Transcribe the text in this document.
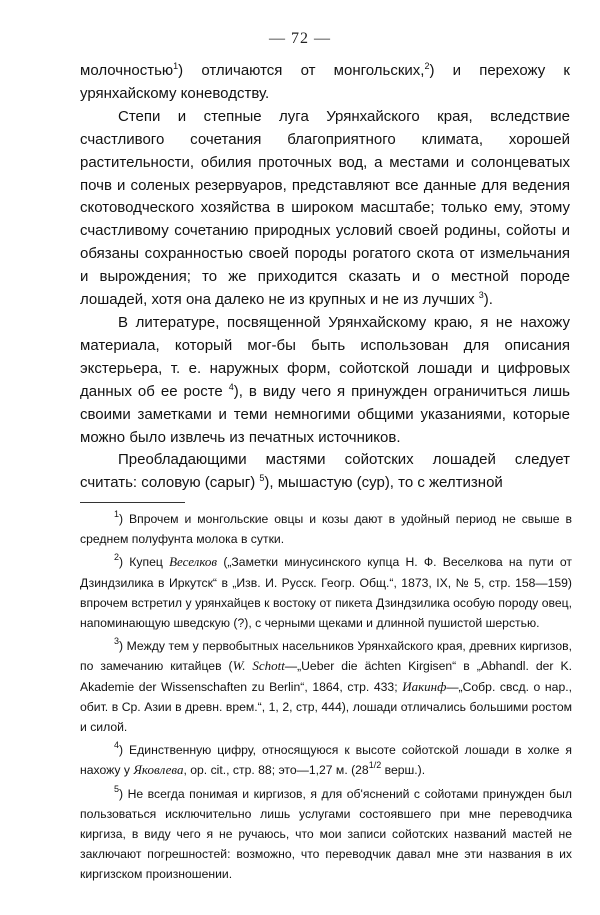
— 72 —

молочностью$^1$) отличаются от монгольских,$^2$) и перехожу к урянхайскому коневодству.

Степи и степные луга Урянхайского края, вследствие счастливого сочетания благоприятного климата, хорошей растительности, обилия проточных вод, а местами и солонцеватых почв и соленых резервуаров, представляют все данные для ведения скотоводческого хозяйства в широком масштабе; только ему, этому счастливому сочетанию природных условий своей родины, сойоты и обязаны сохранностью своей породы рогатого скота от измельчания и вырождения; то же приходится сказать и о местной породе лошадей, хотя она далеко не из крупных и не из лучших $^3$).

В литературе, посвященной Урянхайскому краю, я не нахожу материала, который мог-бы быть использован для описания экстерьера, т. е. наружных форм, сойотской лошади и цифровых данных об ее росте $^4$), в виду чего я принужден ограничиться лишь своими заметками и теми немногими общими указаниями, которые можно было извлечь из печатных источников.

Преобладающими мастями сойотских лошадей следует считать: соловую (сарыг) $^5$), мышастую (сур), то с желтизной

$^1$) Впрочем и монгольские овцы и козы дают в удойный период не свыше в среднем полуфунта молока в сутки.

$^2$) Купец Веселков („Заметки минусинского купца Н. Ф. Веселкова на пути от Дзиндзилика в Иркутск“ в „Изв. И. Русск. Геогр. Общ.“, 1873, IX, № 5, стр. 158—159) впрочем встретил у урянхайцев к востоку от пикета Дзиндзилика особую породу овец, напоминающую шведскую (?), с черными щеками и длинной пушистой шерстью.

$^3$) Между тем у первобытных насельников Урянхайского края, древних киргизов, по замечанию китайцев (W. Schott—„Ueber die ächten Kirgisen“ в „Abhandl. der K. Akademie der Wissenschaften zu Berlin“, 1864, стр. 433; Иакинф—„Собр. свсд. о нар., обит. в Ср. Азии в древн. врем.“, 1, 2, стр, 444), лошади отличались большими ростом и силой.

$^4$) Единственную цифру, относящуюся к высоте сойотской лошади в холке я нахожу у Яковлева, op. cit., стр. 88; это—1,27 м. ($28^{1/2}$ верш.).

$^5$) Не всегда понимая и киргизов, я для об'яснений с сойотами принужден был пользоваться исключительно лишь услугами состоявшего при мне переводчика киргиза, в виду чего я не ручаюсь, что мои записи сойотских названий мастей не заключают погрешностей: возможно, что переводчик давал мне эти названия в их киргизском произношении.
